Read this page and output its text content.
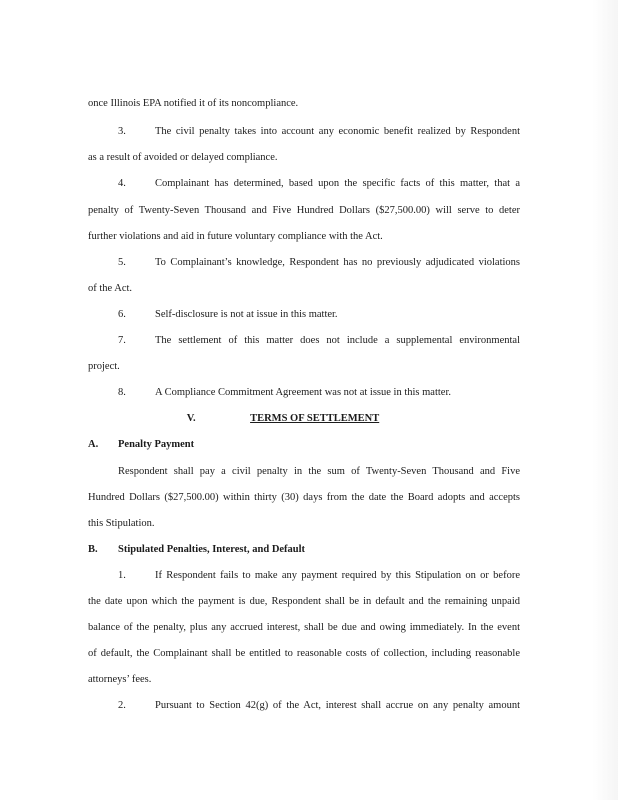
once Illinois EPA notified it of its noncompliance.
3.	The civil penalty takes into account any economic benefit realized by Respondent
as a result of avoided or delayed compliance.
4.	Complainant has determined, based upon the specific facts of this matter, that a
penalty of Twenty-Seven Thousand and Five Hundred Dollars ($27,500.00) will serve to deter
further violations and aid in future voluntary compliance with the Act.
5.	To Complainant’s knowledge, Respondent has no previously adjudicated violations
of the Act.
6.	Self-disclosure is not at issue in this matter.
7.	The settlement of this matter does not include a supplemental environmental
project.
8.	A Compliance Commitment Agreement was not at issue in this matter.
V.	TERMS OF SETTLEMENT
A. Penalty Payment
Respondent shall pay a civil penalty in the sum of Twenty-Seven Thousand and Five
Hundred Dollars ($27,500.00) within thirty (30) days from the date the Board adopts and accepts
this Stipulation.
B. Stipulated Penalties, Interest, and Default
1.	If Respondent fails to make any payment required by this Stipulation on or before
the date upon which the payment is due, Respondent shall be in default and the remaining unpaid
balance of the penalty, plus any accrued interest, shall be due and owing immediately. In the event
of default, the Complainant shall be entitled to reasonable costs of collection, including reasonable
attorneys’ fees.
2.	Pursuant to Section 42(g) of the Act, interest shall accrue on any penalty amount
